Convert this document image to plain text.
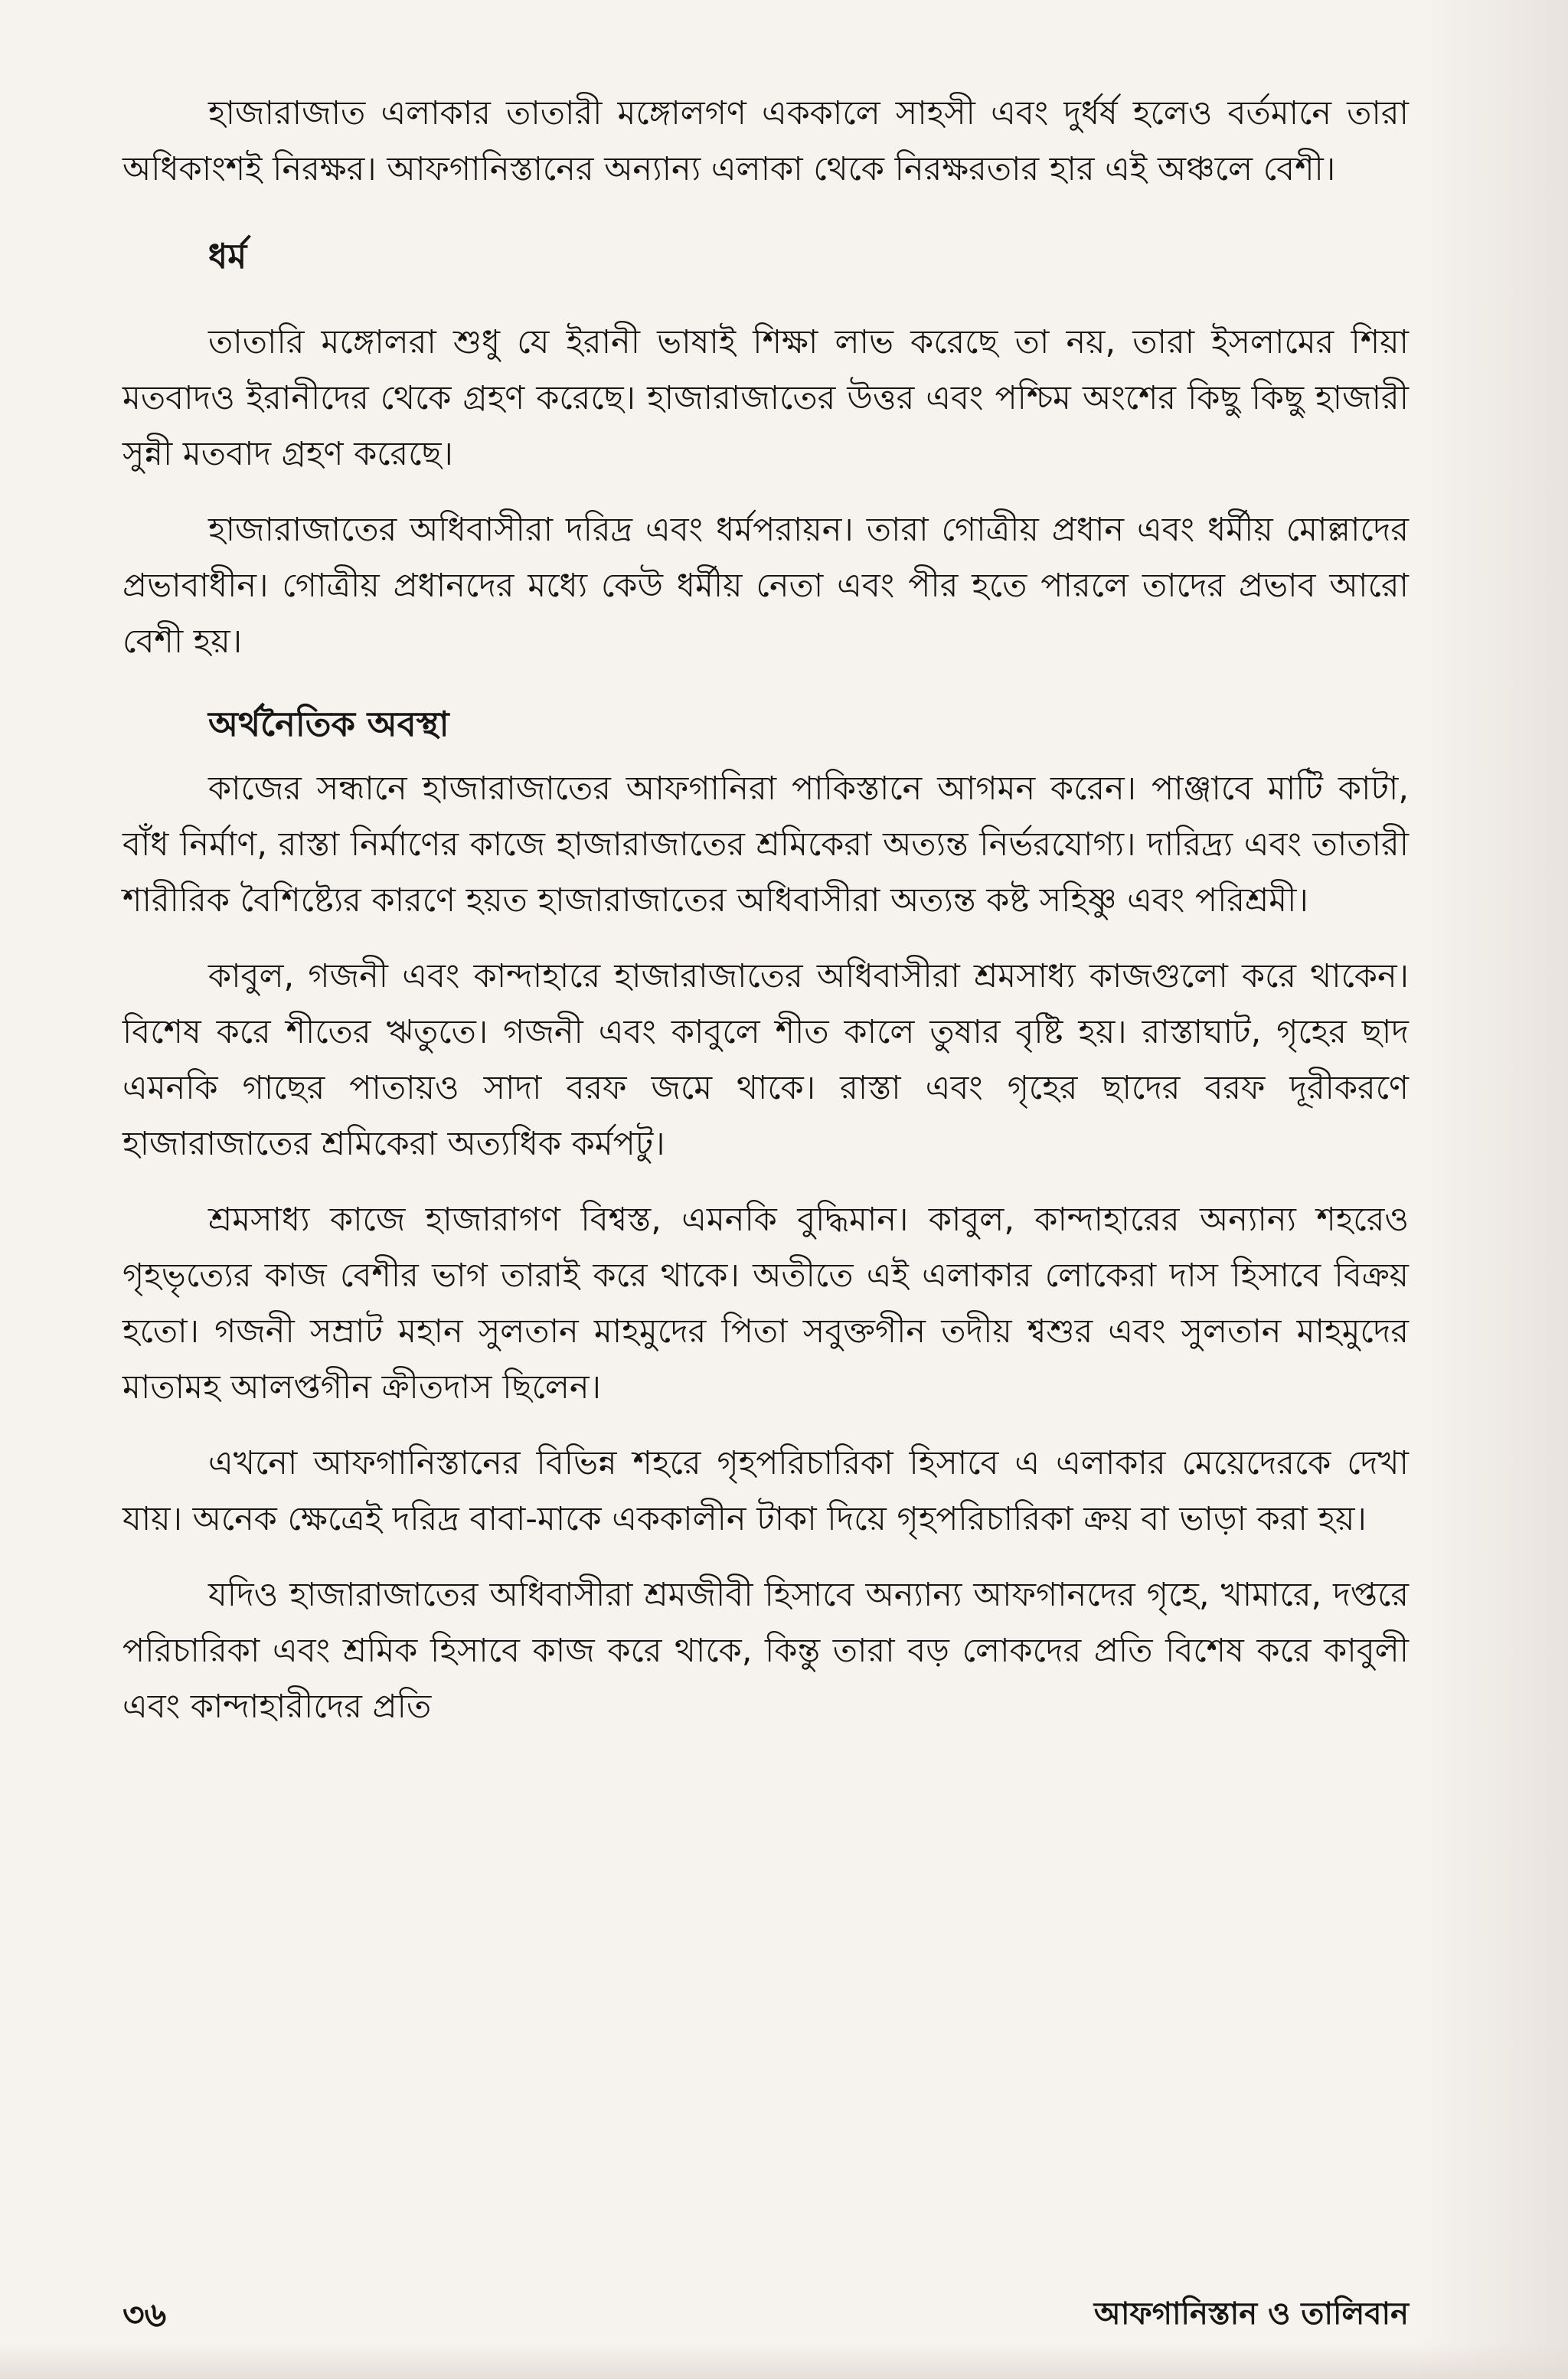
হাজারাজাত এলাকার তাতারী মঙ্গোলগণ এককালে সাহসী এবং দুর্ধর্ষ হলেও বর্তমানে তারা অধিকাংশই নিরক্ষর। আফগানিস্তানের অন্যান্য এলাকা থেকে নিরক্ষরতার হার এই অঞ্চলে বেশী।

ধর্ম

তাতারি মঙ্গোলরা শুধু যে ইরানী ভাষাই শিক্ষা লাভ করেছে তা নয়, তারা ইসলামের শিয়া মতবাদও ইরানীদের থেকে গ্রহণ করেছে। হাজারাজাতের উত্তর এবং পশ্চিম অংশের কিছু কিছু হাজারী সুন্নী মতবাদ গ্রহণ করেছে।

হাজারাজাতের অধিবাসীরা দরিদ্র এবং ধর্মপরায়ন। তারা গোত্রীয় প্রধান এবং ধর্মীয় মোল্লাদের প্রভাবাধীন। গোত্রীয় প্রধানদের মধ্যে কেউ ধর্মীয় নেতা এবং পীর হতে পারলে তাদের প্রভাব আরো বেশী হয়।

অর্থনৈতিক অবস্থা

কাজের সন্ধানে হাজারাজাতের আফগানিরা পাকিস্তানে আগমন করেন। পাঞ্জাবে মাটি কাটা, বাঁধ নির্মাণ, রাস্তা নির্মাণের কাজে হাজারাজাতের শ্রমিকেরা অত্যন্ত নির্ভরযোগ্য। দারিদ্র্য এবং তাতারী শারীরিক বৈশিষ্ট্যের কারণে হয়ত হাজারাজাতের অধিবাসীরা অত্যন্ত কষ্ট সহিষ্ণু এবং পরিশ্রমী।

কাবুল, গজনী এবং কান্দাহারে হাজারাজাতের অধিবাসীরা শ্রমসাধ্য কাজগুলো করে থাকেন। বিশেষ করে শীতের ঋতুতে। গজনী এবং কাবুলে শীত কালে তুষার বৃষ্টি হয়। রাস্তাঘাট, গৃহের ছাদ এমনকি গাছের পাতায়ও সাদা বরফ জমে থাকে। রাস্তা এবং গৃহের ছাদের বরফ দূরীকরণে হাজারাজাতের শ্রমিকেরা অত্যধিক কর্মপটু।

শ্রমসাধ্য কাজে হাজারাগণ বিশ্বস্ত, এমনকি বুদ্ধিমান। কাবুল, কান্দাহারের অন্যান্য শহরেও গৃহভৃত্যের কাজ বেশীর ভাগ তারাই করে থাকে। অতীতে এই এলাকার লোকেরা দাস হিসাবে বিক্রয় হতো। গজনী সম্রাট মহান সুলতান মাহমুদের পিতা সবুক্তগীন তদীয় শ্বশুর এবং সুলতান মাহমুদের মাতামহ আলপ্তগীন ক্রীতদাস ছিলেন।

এখনো আফগানিস্তানের বিভিন্ন শহরে গৃহপরিচারিকা হিসাবে এ এলাকার মেয়েদেরকে দেখা যায়। অনেক ক্ষেত্রেই দরিদ্র বাবা-মাকে এককালীন টাকা দিয়ে গৃহপরিচারিকা ক্রয় বা ভাড়া করা হয়।

যদিও হাজারাজাতের অধিবাসীরা শ্রমজীবী হিসাবে অন্যান্য আফগানদের গৃহে, খামারে, দপ্তরে পরিচারিকা এবং শ্রমিক হিসাবে কাজ করে থাকে, কিন্তু তারা বড় লোকদের প্রতি বিশেষ করে কাবুলী এবং কান্দাহারীদের প্রতি

৩৬	আফগানিস্তান ও তালিবান
